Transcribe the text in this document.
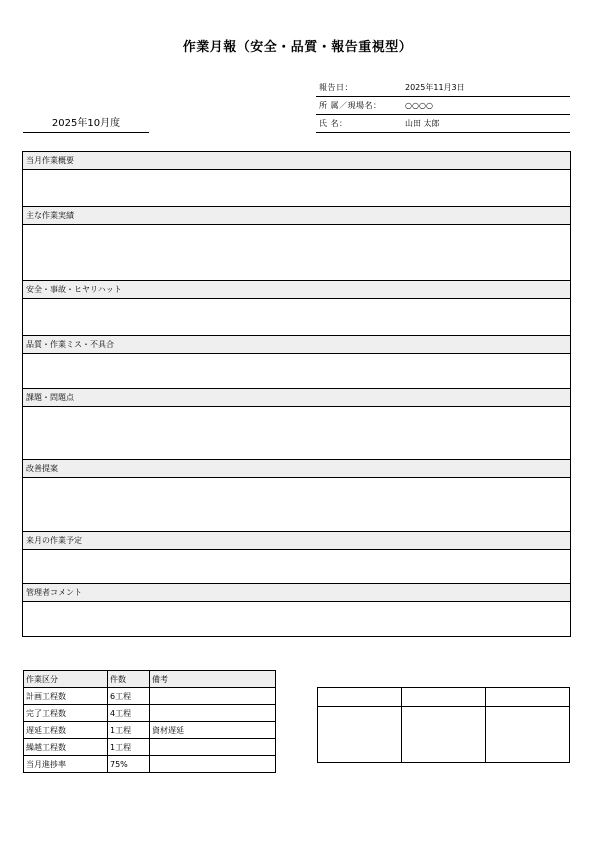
作業月報（安全・品質・報告重視型）
報告日：	2025年11月3日
所 属／現場名：	○○○○
氏 名：	山田 太郎
2025年10月度
当月作業概要
主な作業実績
安全・事故・ヒヤリハット
品質・作業ミス・不具合
課題・問題点
改善提案
来月の作業予定
管理者コメント
作業区分	件数	備考
計画工程数	6工程	
完了工程数	4工程	
遅延工程数	1工程	資材遅延
繰越工程数	1工程	
当月進捗率	75%	
